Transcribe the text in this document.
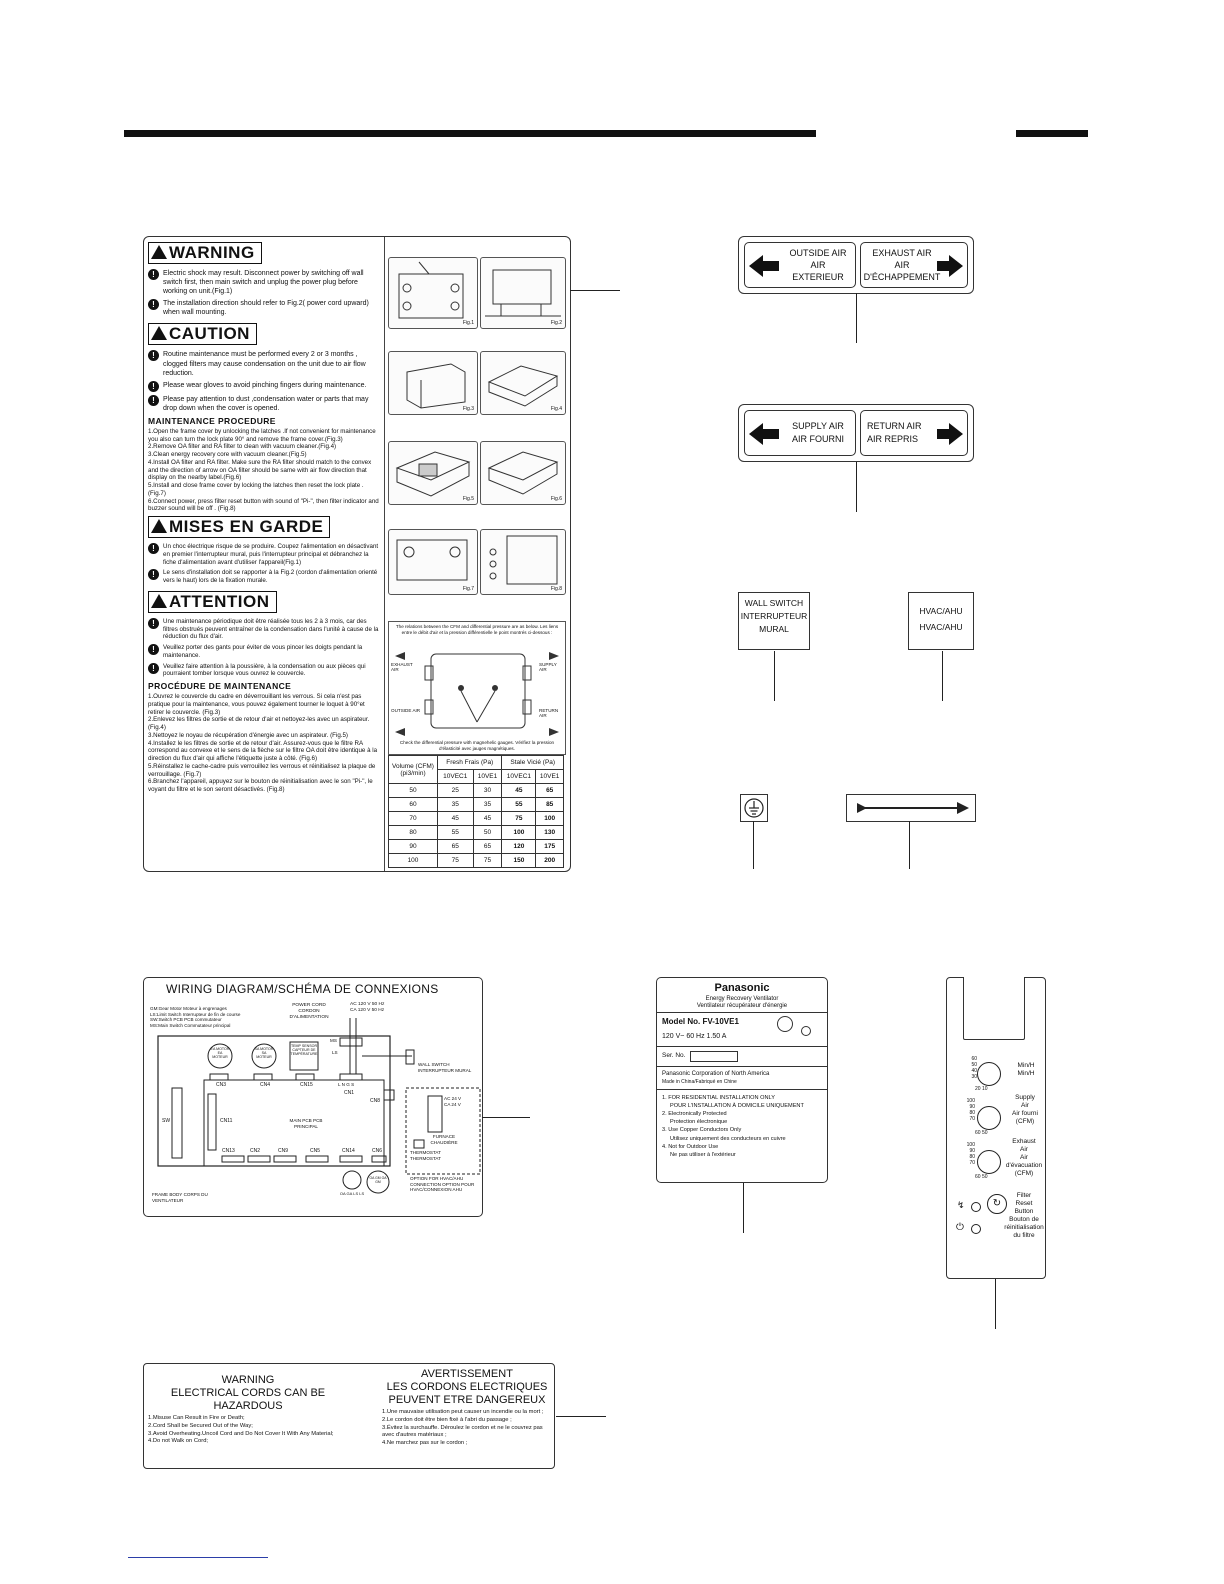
WARNING
!	Electric shock may result. Disconnect power by switching off wall switch first, then main switch and unplug the power plug before working on unit.(Fig.1)
!	The installation direction should refer to Fig.2( power cord upward) when wall mounting.
CAUTION
!	Routine maintenance must be performed every 2 or 3 months , clogged filters may cause condensation on the unit due to air flow reduction.
!	Please wear gloves to avoid pinching fingers during maintenance.
!	Please pay attention to dust ,condensation water or parts that may drop down when the cover is opened.
MAINTENANCE PROCEDURE
1.Open the frame cover by unlocking the latches .If not convenient for maintenance you also can turn the lock plate 90° and remove the frame cover.(Fig.3)
2.Remove OA filter and RA filter to clean with vacuum cleaner.(Fig.4)
3.Clean energy recovery core with vacuum cleaner.(Fig.5)
4.Install OA filter and RA filter. Make sure the RA filter should match to the convex and the direction of arrow on OA filter should be same with air flow direction that display on the nearby label.(Fig.6)
5.Install and close frame cover by locking the latches then reset the lock plate . (Fig.7)
6.Connect power, press filter reset button with sound of "Pi-", then filter indicator and buzzer sound will be off . (Fig.8)
MISES EN GARDE
!	Un choc électrique risque de se produire. Coupez l'alimentation en désactivant en premier l'interrupteur mural, puis l'interrupteur principal et débranchez la fiche d'alimentation avant d'utiliser l'appareil(Fig.1)
!	Le sens d'installation doit se rapporter à la Fig.2 (cordon d'alimentation orienté vers le haut) lors de la fixation murale.
ATTENTION
!	Une maintenance périodique doit être réalisée tous les 2 à 3 mois, car des filtres obstrués peuvent entraîner de la condensation dans l'unité à cause de la réduction du flux d'air.
!	Veuillez porter des gants pour éviter de vous pincer les doigts pendant la maintenance.
!	Veuillez faire attention à la poussière, à la condensation ou aux pièces qui pourraient tomber lorsque vous ouvrez le couvercle.
PROCÉDURE DE MAINTENANCE
1.Ouvrez le couvercle du cadre en déverrouillant les verrous. Si cela n'est pas pratique pour la maintenance, vous pouvez également tourner le loquet à 90°et retirer le couvercle. (Fig.3)
2.Enlevez les filtres de sortie et de retour d'air et nettoyez-les avec un aspirateur. (Fig.4)
3.Nettoyez le noyau de récupération d'énergie avec un aspirateur. (Fig.5)
4.Installez le les filtres de sortie et de retour d'air. Assurez-vous que le filtre RA correspond au convexe et le sens de la flèche sur le filtre OA doit être identique à la direction du flux d'air qui affiche l'étiquette juste à côté. (Fig.6)
5.Réinstallez le cache-cadre puis verrouillez les verrous et réinitialisez la plaque de verrouillage. (Fig.7)
6.Branchez l'appareil, appuyez sur le bouton de réinitialisation avec le son "Pi-", le voyant du filtre et le son seront désactivés. (Fig.8)
Fig.1	Fig.2
Fig.3	Fig.4
Fig.5	Fig.6
Fig.7	Fig.8
The relations between the CFM and differential pressure are as below. Les liens entre le débit d'air et la pression différentielle le point montrés ci-dessous :
EXHAUST AIR
SUPPLY AIR
OUTSIDE AIR	RETURN AIR
Check the differential pressure with magnehelic gauges. Vérifiez la pression d'élasticité avec jauges magnétiques.
Volume (CFM)
(pi3/min)	Fresh Frais (Pa)		Stale Vicié (Pa)	
	10VEC1	10VE1	10VEC1	10VE1
50	25	30	45	65
60	35	35	55	85
70	45	45	75	100
80	55	50	100	130
90	65	65	120	175
100	75	75	150	200
OUTSIDE AIR
AIR
EXTERIEUR
EXHAUST AIR
AIR
D'ÉCHAPPEMENT
SUPPLY AIR
AIR FOURNI
RETURN AIR
AIR REPRIS
WALL SWITCH
INTERRUPTEUR
MURAL
HVAC/AHU
HVAC/AHU
WIRING DIAGRAM/SCHÉMA DE CONNEXIONS
GM:Gear Motor Moteur à engrenages
LS:Limit Switch Interrupteur de fin de course
SW:Switch PCB PCB commutateur
MS:Main Switch Commutateur principal
POWER CORD CORDON D'ALIMENTATION
AC 120 V 50 Hz
CA 120 V 50 Hz
EA MOTOR EA MOTEUR
SA MOTOR SA MOTEUR
TEMP SENSOR CAPTEUR DE TEMPÉRATURE
CN3	CN4	CN15	L N G S
CN1
CN8
CN11
SW	MAIN PCB PCB PRINCIPAL
MS
LS
CN13	CN2	CN9	CN5	CN14	CN6
WALL SWITCH INTERRUPTEUR MURAL
AC 24 V
CA 24 V
FURNACE CHAUDIÈRE
THERMOSTAT THERMOSTAT
OPTION FOR HVAC/AHU CONNECTION OPTION POUR HVAC/CONNEXION AHU
FRAME BODY CORPS DU VENTILATEUR
OA GA LS LS
OA GM OA GM
Panasonic
Energy Recovery Ventilator
Ventilateur récupérateur d'énergie
Model No. FV-10VE1
120 V~ 60 Hz 1.50 A
Ser. No.
Panasonic Corporation of North America
Made in China/Fabriqué en Chine
1. FOR RESIDENTIAL INSTALLATION ONLY
POUR L'INSTALLATION À DOMICILE UNIQUEMENT
2. Electronically Protected
Protection électronique
3. Use Copper Conductors Only
Utilisez uniquement des conducteurs en cuivre
4. Not for Outdoor Use
Ne pas utiliser à l'extérieur
60
50
40
30
20 10
Min/H
Min/H
100
90
80
70
60 50
Supply
Air
Air fourni
(CFM)
100
90
80
70
60 50
Exhaust
Air
Air
d'évacuation
(CFM)
↯
⏻
↻
Filter
Reset
Button
Bouton de
réinitialisation
du filtre
WARNING
ELECTRICAL CORDS CAN BE
HAZARDOUS
1.Misuse Can Result in Fire or Death;
2.Cord Shall be Secured Out of the Way;
3.Avoid Overheating.Uncoil Cord and Do Not Cover It With Any Material;
4.Do not Walk on Cord;
AVERTISSEMENT
LES CORDONS ELECTRIQUES
PEUVENT ETRE DANGEREUX
1.Une mauvaise utilisation peut causer un incendie ou la mort ;
2.Le cordon doit être bien fixé à l'abri du passage ;
3.Évitez la surchauffe. Déroulez le cordon et ne le couvrez pas avec d'autres matériaux ;
4.Ne marchez pas sur le cordon ;
